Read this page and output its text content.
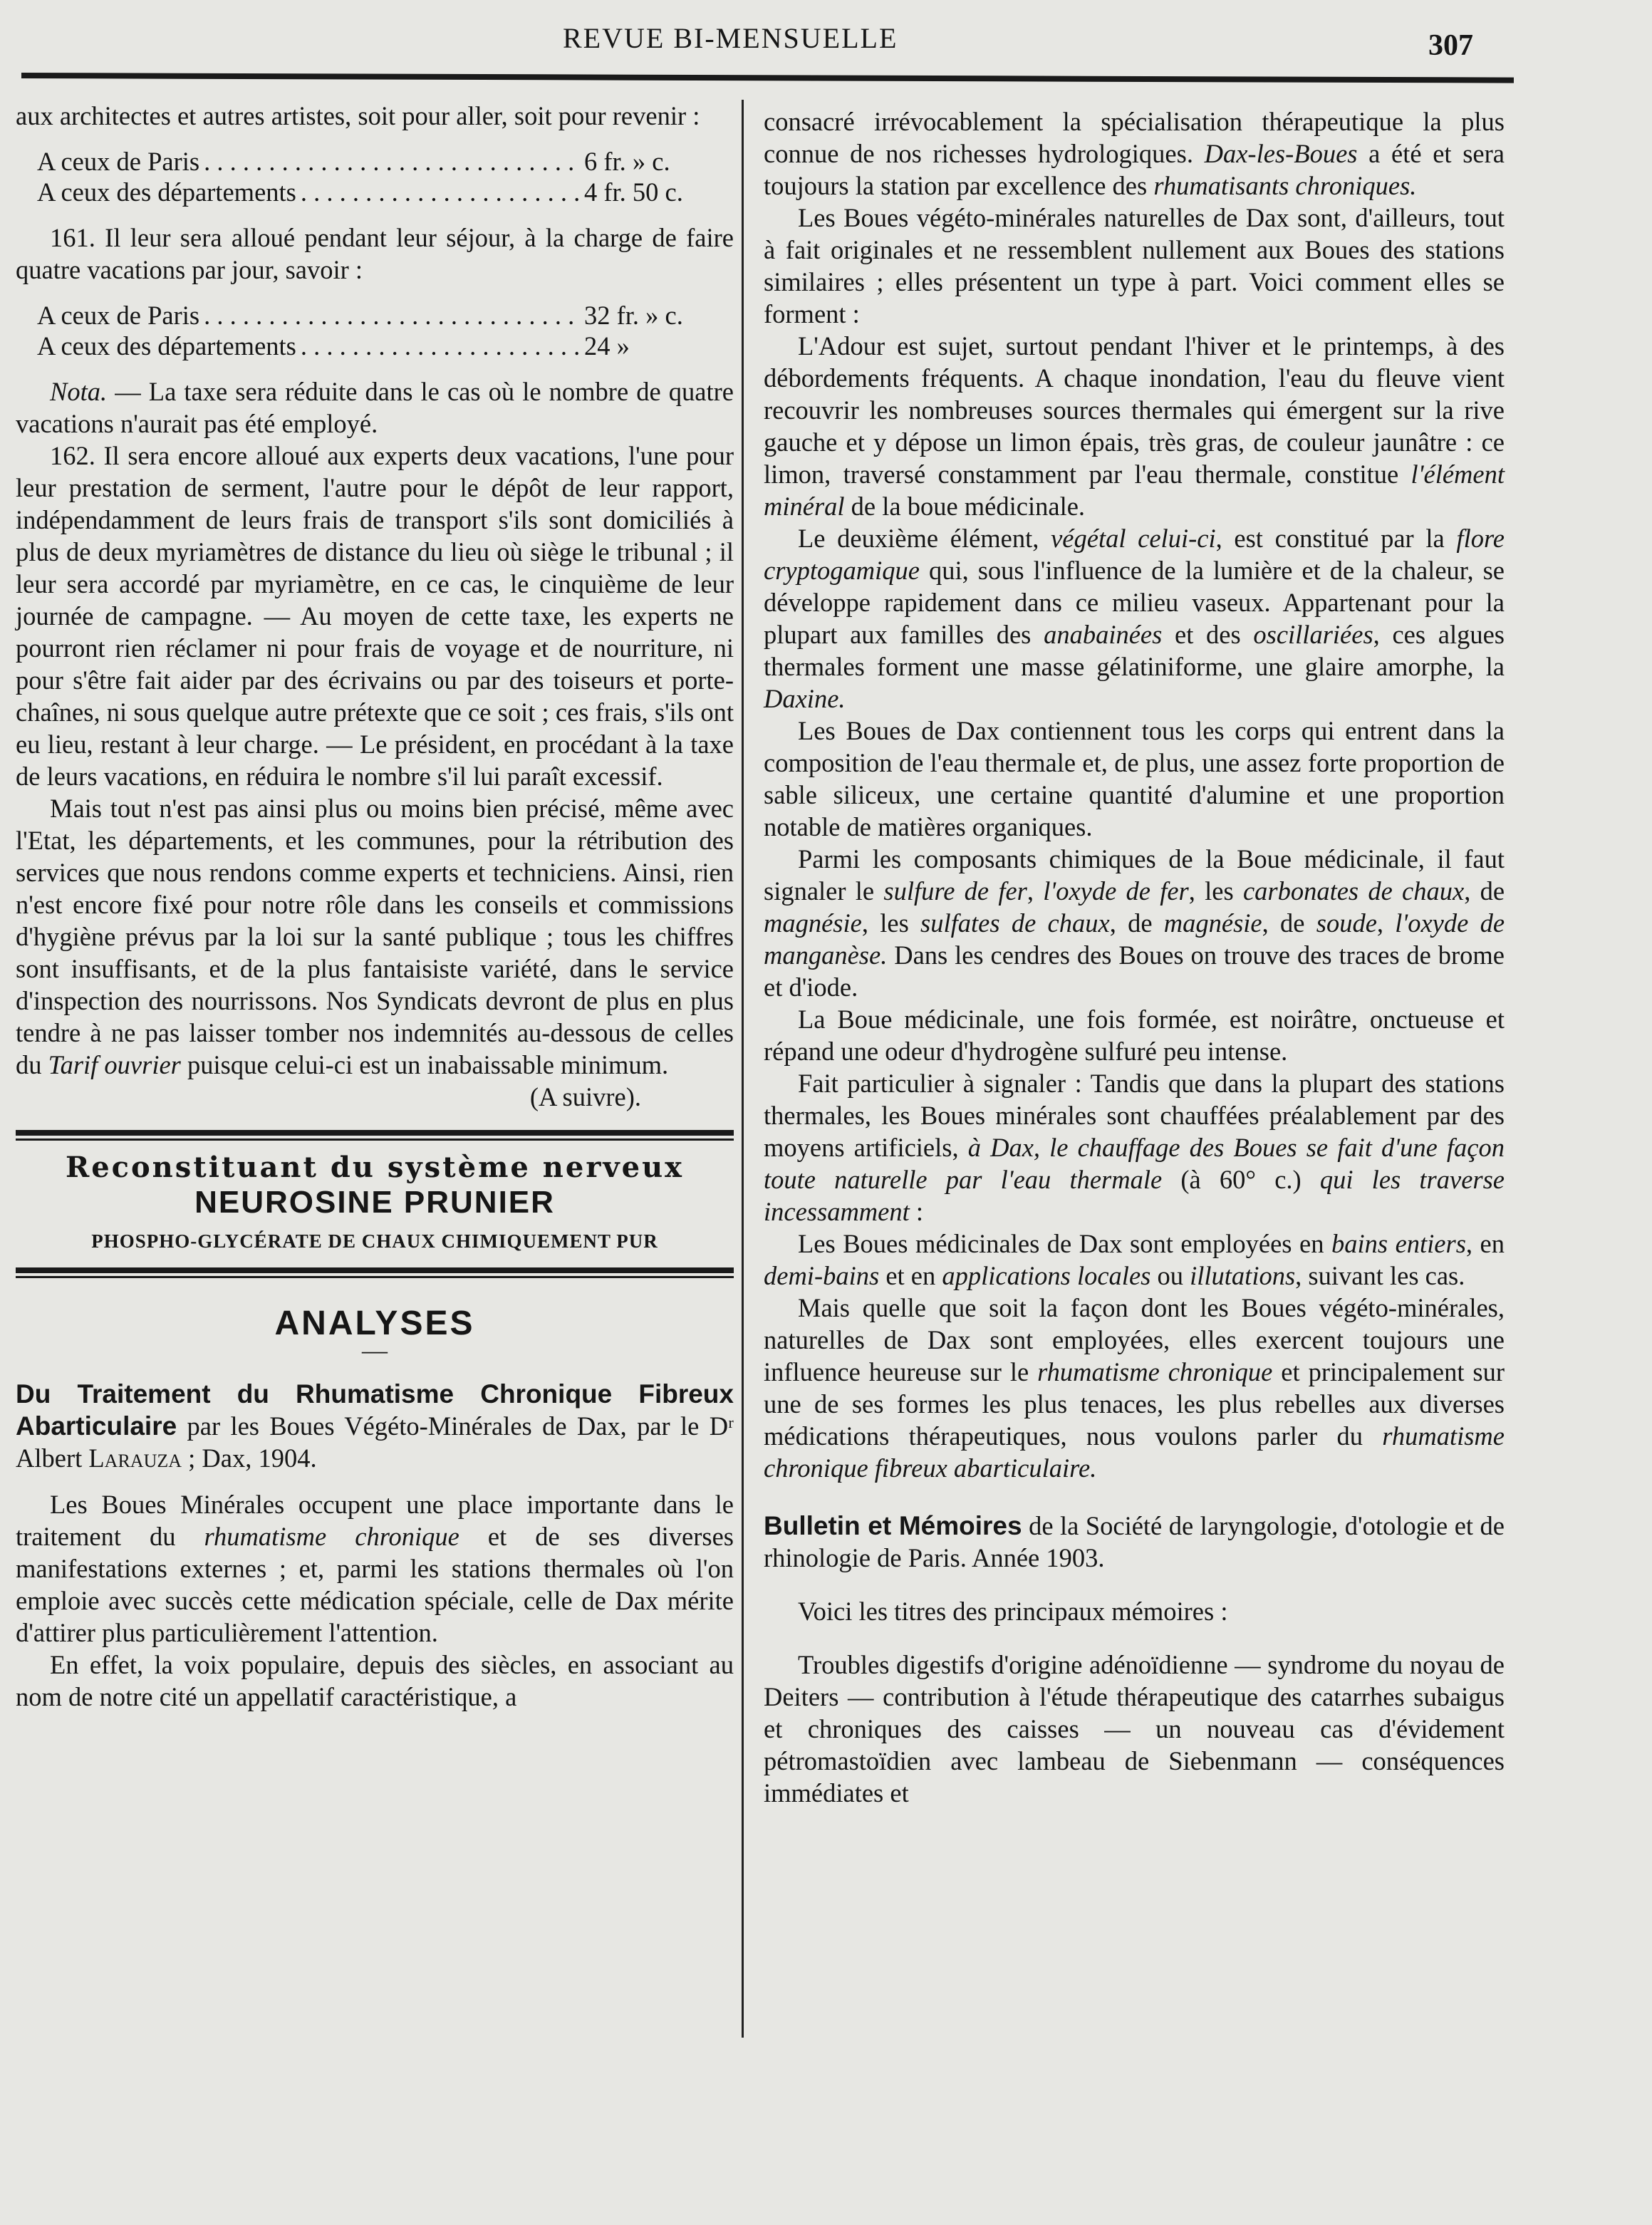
REVUE BI-MENSUELLE	307

aux architectes et autres artistes, soit pour aller, soit pour revenir :

A ceux de Paris . . .	6 fr. » c.
A ceux des départements . . .	4 fr. 50 c.

161. Il leur sera alloué pendant leur séjour, à la charge de faire quatre vacations par jour, savoir :

A ceux de Paris . . .	32 fr. » c.
A ceux des départements . . .	24 »

Nota. — La taxe sera réduite dans le cas où le nombre de quatre vacations n'aurait pas été employé.

162. Il sera encore alloué aux experts deux vacations, l'une pour leur prestation de serment, l'autre pour le dépôt de leur rapport, indépendamment de leurs frais de transport s'ils sont domiciliés à plus de deux myriamètres de distance du lieu où siège le tribunal ; il leur sera accordé par myriamètre, en ce cas, le cinquième de leur journée de campagne. — Au moyen de cette taxe, les experts ne pourront rien réclamer ni pour frais de voyage et de nourriture, ni pour s'être fait aider par des écrivains ou par des toiseurs et porte-chaînes, ni sous quelque autre prétexte que ce soit ; ces frais, s'ils ont eu lieu, restant à leur charge. — Le président, en procédant à la taxe de leurs vacations, en réduira le nombre s'il lui paraît excessif.

Mais tout n'est pas ainsi plus ou moins bien précisé, même avec l'Etat, les départements, et les communes, pour la rétribution des services que nous rendons comme experts et techniciens. Ainsi, rien n'est encore fixé pour notre rôle dans les conseils et commissions d'hygiène prévus par la loi sur la santé publique ; tous les chiffres sont insuffisants, et de la plus fantaisiste variété, dans le service d'inspection des nourrissons. Nos Syndicats devront de plus en plus tendre à ne pas laisser tomber nos indemnités au-dessous de celles du Tarif ouvrier puisque celui-ci est un inabaissable minimum.

(A suivre).

Reconstituant du système nerveux
NEUROSINE PRUNIER
PHOSPHO-GLYCÉRATE DE CHAUX CHIMIQUEMENT PUR
ANALYSES
—

Du Traitement du Rhumatisme Chronique Fibreux Abarticulaire par les Boues Végéto-Minérales de Dax, par le Dʳ Albert Larauza ; Dax, 1904.

Les Boues Minérales occupent une place importante dans le traitement du rhumatisme chronique et de ses diverses manifestations externes ; et, parmi les stations thermales où l'on emploie avec succès cette médication spéciale, celle de Dax mérite d'attirer plus particulièrement l'attention.

En effet, la voix populaire, depuis des siècles, en associant au nom de notre cité un appellatif caractéristique, a

consacré irrévocablement la spécialisation thérapeutique la plus connue de nos richesses hydrologiques. Dax-les-Boues a été et sera toujours la station par excellence des rhumatisants chroniques.

Les Boues végéto-minérales naturelles de Dax sont, d'ailleurs, tout à fait originales et ne ressemblent nullement aux Boues des stations similaires ; elles présentent un type à part. Voici comment elles se forment :

L'Adour est sujet, surtout pendant l'hiver et le printemps, à des débordements fréquents. A chaque inondation, l'eau du fleuve vient recouvrir les nombreuses sources thermales qui émergent sur la rive gauche et y dépose un limon épais, très gras, de couleur jaunâtre : ce limon, traversé constamment par l'eau thermale, constitue l'élément minéral de la boue médicinale.

Le deuxième élément, végétal celui-ci, est constitué par la flore cryptogamique qui, sous l'influence de la lumière et de la chaleur, se développe rapidement dans ce milieu vaseux. Appartenant pour la plupart aux familles des anabainées et des oscillariées, ces algues thermales forment une masse gélatiniforme, une glaire amorphe, la Daxine.

Les Boues de Dax contiennent tous les corps qui entrent dans la composition de l'eau thermale et, de plus, une assez forte proportion de sable siliceux, une certaine quantité d'alumine et une proportion notable de matières organiques.

Parmi les composants chimiques de la Boue médicinale, il faut signaler le sulfure de fer, l'oxyde de fer, les carbonates de chaux, de magnésie, les sulfates de chaux, de magnésie, de soude, l'oxyde de manganèse. Dans les cendres des Boues on trouve des traces de brome et d'iode.

La Boue médicinale, une fois formée, est noirâtre, onctueuse et répand une odeur d'hydrogène sulfuré peu intense.

Fait particulier à signaler : Tandis que dans la plupart des stations thermales, les Boues minérales sont chauffées préalablement par des moyens artificiels, à Dax, le chauffage des Boues se fait d'une façon toute naturelle par l'eau thermale (à 60° c.) qui les traverse incessamment :

Les Boues médicinales de Dax sont employées en bains entiers, en demi-bains et en applications locales ou illutations, suivant les cas.

Mais quelle que soit la façon dont les Boues végéto-minérales, naturelles de Dax sont employées, elles exercent toujours une influence heureuse sur le rhumatisme chronique et principalement sur une de ses formes les plus tenaces, les plus rebelles aux diverses médications thérapeutiques, nous voulons parler du rhumatisme chronique fibreux abarticulaire.

Bulletin et Mémoires de la Société de laryngologie, d'otologie et de rhinologie de Paris. Année 1903.

Voici les titres des principaux mémoires :

Troubles digestifs d'origine adénoïdienne — syndrome du noyau de Deiters — contribution à l'étude thérapeutique des catarrhes subaigus et chroniques des caisses — un nouveau cas d'évidement pétromastoïdien avec lambeau de Siebenmann — conséquences immédiates et
